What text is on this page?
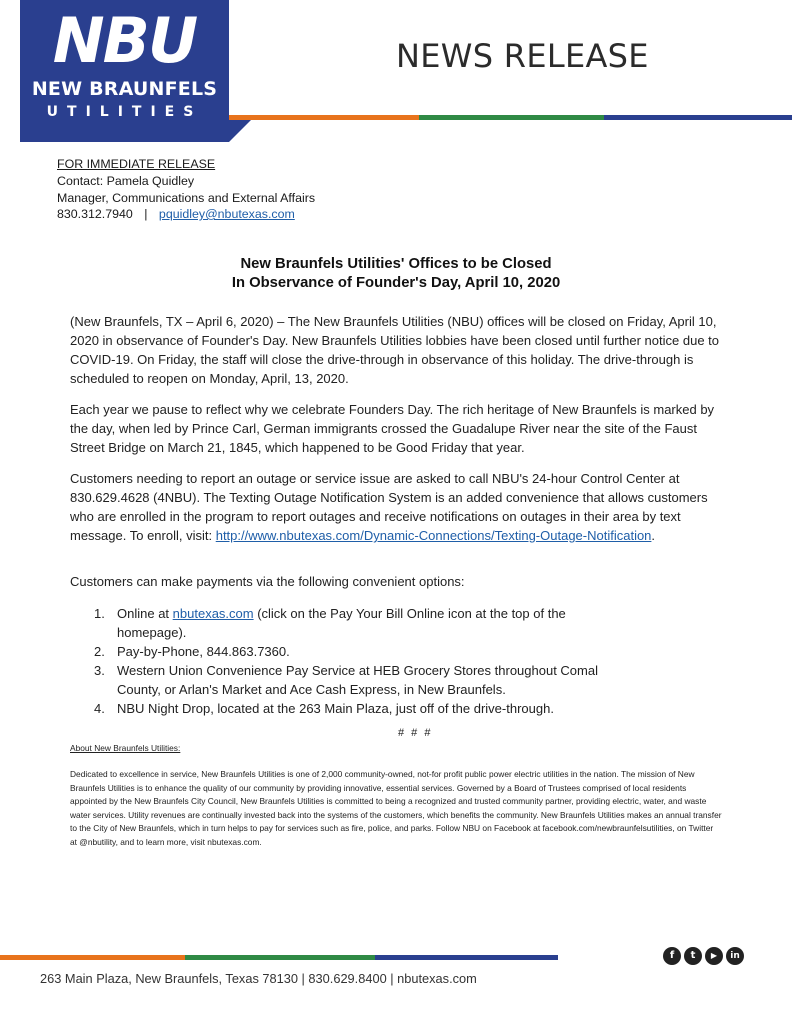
NBU
NEW BRAUNFELS
UTILITIES
NEWS RELEASE
FOR IMMEDIATE RELEASE
Contact: Pamela Quidley
Manager, Communications and External Affairs
830.312.7940 | pquidley@nbutexas.com
New Braunfels Utilities' Offices to be Closed
In Observance of Founder's Day, April 10, 2020
(New Braunfels, TX – April 6, 2020) – The New Braunfels Utilities (NBU) offices will be closed on Friday, April 10, 2020 in observance of Founder's Day. New Braunfels Utilities lobbies have been closed until further notice due to COVID-19. On Friday, the staff will close the drive-through in observance of this holiday. The drive-through is scheduled to reopen on Monday, April, 13, 2020.
Each year we pause to reflect why we celebrate Founders Day. The rich heritage of New Braunfels is marked by the day, when led by Prince Carl, German immigrants crossed the Guadalupe River near the site of the Faust Street Bridge on March 21, 1845, which happened to be Good Friday that year.
Customers needing to report an outage or service issue are asked to call NBU's 24-hour Control Center at 830.629.4628 (4NBU). The Texting Outage Notification System is an added convenience that allows customers who are enrolled in the program to report outages and receive notifications on outages in their area by text message. To enroll, visit: http://www.nbutexas.com/Dynamic-Connections/Texting-Outage-Notification.
Customers can make payments via the following convenient options:
1. Online at nbutexas.com (click on the Pay Your Bill Online icon at the top of the homepage).
2. Pay-by-Phone, 844.863.7360.
3. Western Union Convenience Pay Service at HEB Grocery Stores throughout Comal County, or Arlan's Market and Ace Cash Express, in New Braunfels.
4. NBU Night Drop, located at the 263 Main Plaza, just off of the drive-through.
# # #
About New Braunfels Utilities:
Dedicated to excellence in service, New Braunfels Utilities is one of 2,000 community-owned, not-for profit public power electric utilities in the nation. The mission of New Braunfels Utilities is to enhance the quality of our community by providing innovative, essential services. Governed by a Board of Trustees comprised of local residents appointed by the New Braunfels City Council, New Braunfels Utilities is committed to being a recognized and trusted community partner, providing electric, water, and waste water services. Utility revenues are continually invested back into the systems of the customers, which benefits the community. New Braunfels Utilities makes an annual transfer to the City of New Braunfels, which in turn helps to pay for services such as fire, police, and parks. Follow NBU on Facebook at facebook.com/newbraunfelsutilities, on Twitter at @nbutility, and to learn more, visit nbutexas.com.
f	t	▶	in
263 Main Plaza, New Braunfels, Texas 78130 | 830.629.8400 | nbutexas.com
